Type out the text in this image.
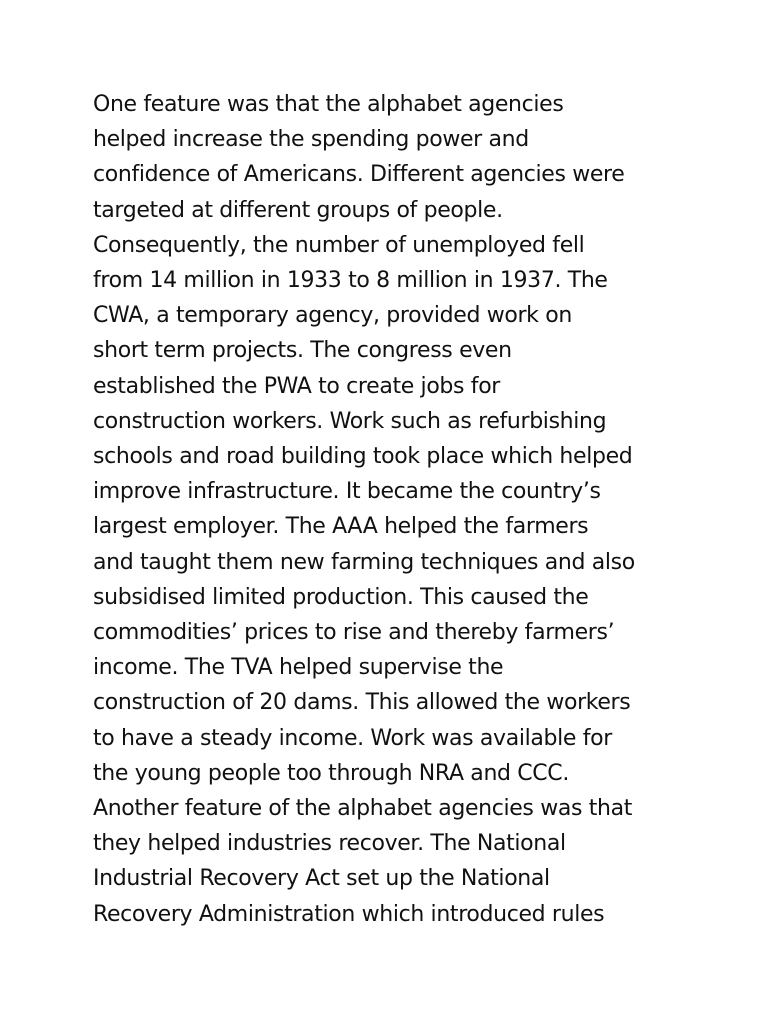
One feature was that the alphabet agencies
helped increase the spending power and
confidence of Americans. Different agencies were
targeted at different groups of people.
Consequently, the number of unemployed fell
from 14 million in 1933 to 8 million in 1937. The
CWA, a temporary agency, provided work on
short term projects. The congress even
established the PWA to create jobs for
construction workers. Work such as refurbishing
schools and road building took place which helped
improve infrastructure. It became the country’s
largest employer. The AAA helped the farmers
and taught them new farming techniques and also
subsidised limited production. This caused the
commodities’ prices to rise and thereby farmers’
income. The TVA helped supervise the
construction of 20 dams. This allowed the workers
to have a steady income. Work was available for
the young people too through NRA and CCC.
Another feature of the alphabet agencies was that
they helped industries recover. The National
Industrial Recovery Act set up the National
Recovery Administration which introduced rules
